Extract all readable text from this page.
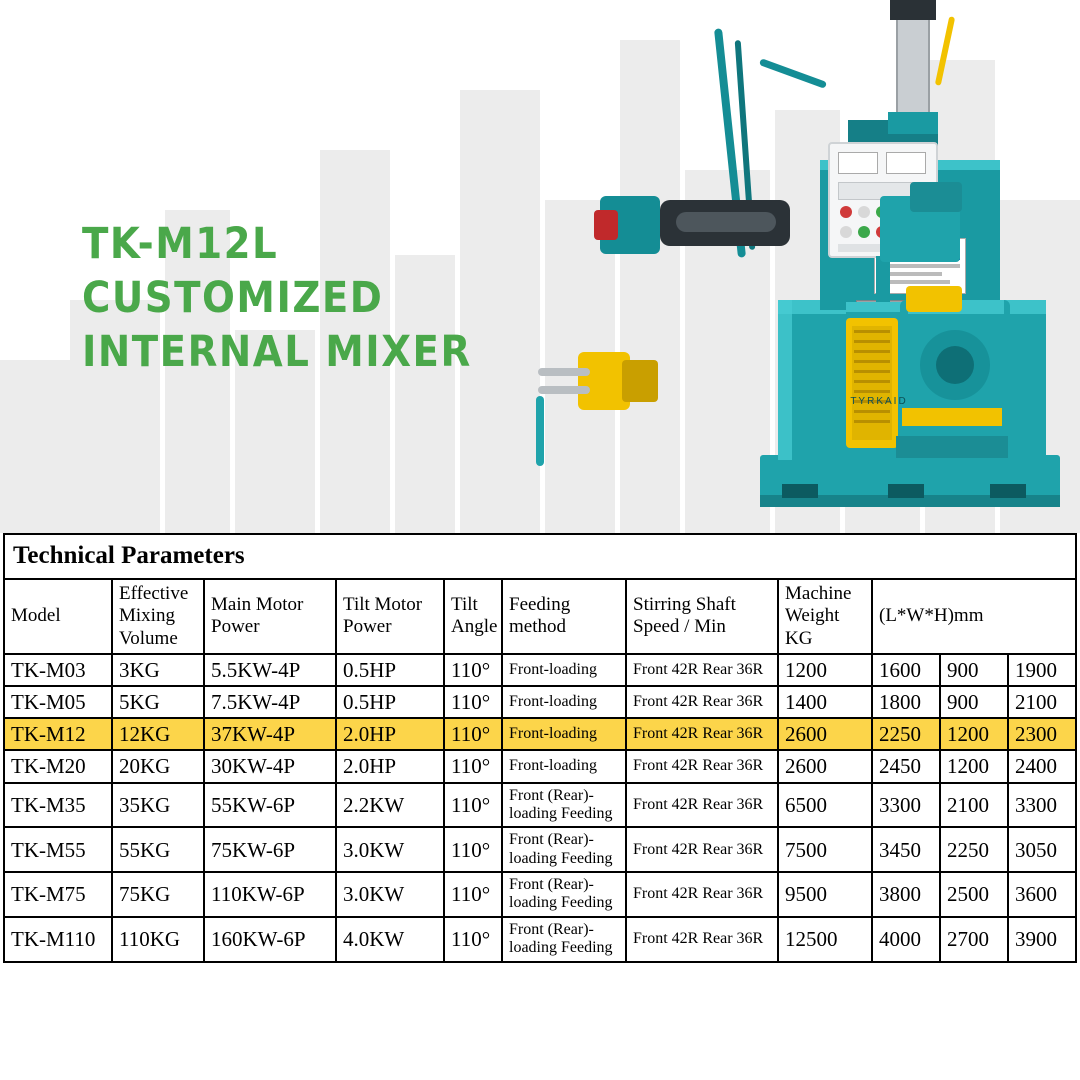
TYRKAID
TK-M12L CUSTOMIZED
INTERNAL MIXER
Technical Parameters										
Model	Effective Mixing Volume	Main Motor Power	Tilt Motor Power	Tilt Angle	Feeding method	Stirring Shaft Speed / Min	Machine Weight KG	(L*W*H)mm		
TK-M03	3KG	5.5KW-4P	0.5HP	110°	Front-loading	Front 42R Rear 36R	1200	1600	900	1900
TK-M05	5KG	7.5KW-4P	0.5HP	110°	Front-loading	Front 42R Rear 36R	1400	1800	900	2100
TK-M12	12KG	37KW-4P	2.0HP	110°	Front-loading	Front 42R Rear 36R	2600	2250	1200	2300
TK-M20	20KG	30KW-4P	2.0HP	110°	Front-loading	Front 42R Rear 36R	2600	2450	1200	2400
TK-M35	35KG	55KW-6P	2.2KW	110°	Front (Rear)-loading Feeding	Front 42R Rear 36R	6500	3300	2100	3300
TK-M55	55KG	75KW-6P	3.0KW	110°	Front (Rear)-loading Feeding	Front 42R Rear 36R	7500	3450	2250	3050
TK-M75	75KG	110KW-6P	3.0KW	110°	Front (Rear)-loading Feeding	Front 42R Rear 36R	9500	3800	2500	3600
TK-M110	110KG	160KW-6P	4.0KW	110°	Front (Rear)-loading Feeding	Front 42R Rear 36R	12500	4000	2700	3900
